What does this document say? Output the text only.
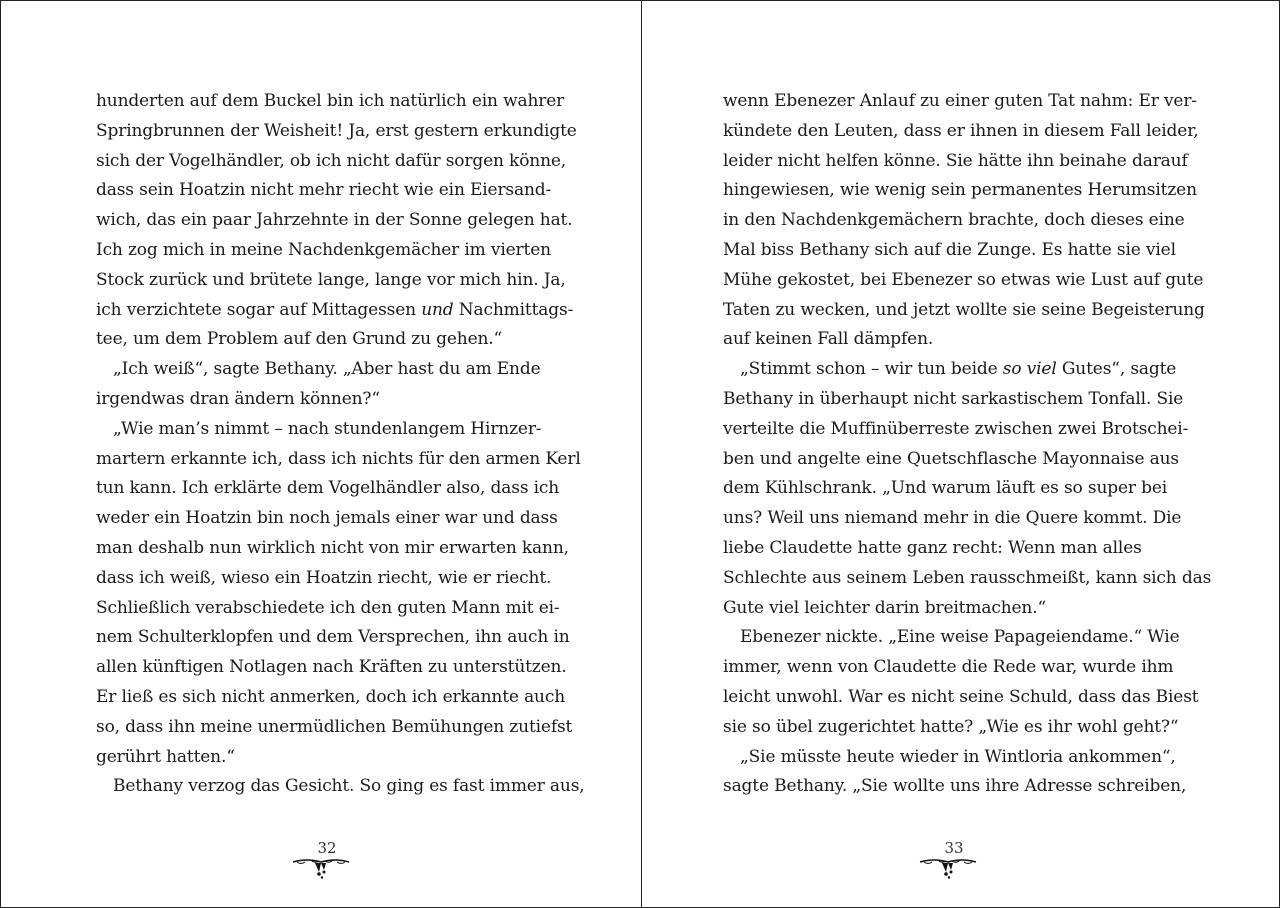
hunderten auf dem Buckel bin ich natürlich ein wahrer
Springbrunnen der Weisheit! Ja, erst gestern erkundigte
sich der Vogelhändler, ob ich nicht dafür sorgen könne,
dass sein Hoatzin nicht mehr riecht wie ein Eiersand-
wich, das ein paar Jahrzehnte in der Sonne gelegen hat.
Ich zog mich in meine Nachdenkgemächer im vierten
Stock zurück und brütete lange, lange vor mich hin. Ja,
ich verzichtete sogar auf Mittagessen und Nachmittags-
tee, um dem Problem auf den Grund zu gehen.“
„Ich weiß“, sagte Bethany. „Aber hast du am Ende
irgendwas dran ändern können?“
„Wie man’s nimmt – nach stundenlangem Hirnzer-
martern erkannte ich, dass ich nichts für den armen Kerl
tun kann. Ich erklärte dem Vogelhändler also, dass ich
weder ein Hoatzin bin noch jemals einer war und dass
man deshalb nun wirklich nicht von mir erwarten kann,
dass ich weiß, wieso ein Hoatzin riecht, wie er riecht.
Schließlich verabschiedete ich den guten Mann mit ei-
nem Schulterklopfen und dem Versprechen, ihn auch in
allen künftigen Notlagen nach Kräften zu unterstützen.
Er ließ es sich nicht anmerken, doch ich erkannte auch
so, dass ihn meine unermüdlichen Bemühungen zutiefst
gerührt hatten.“
Bethany verzog das Gesicht. So ging es fast immer aus,
32
wenn Ebenezer Anlauf zu einer guten Tat nahm: Er ver-
kündete den Leuten, dass er ihnen in diesem Fall leider,
leider nicht helfen könne. Sie hätte ihn beinahe darauf
hingewiesen, wie wenig sein permanentes Herumsitzen
in den Nachdenkgemächern brachte, doch dieses eine
Mal biss Bethany sich auf die Zunge. Es hatte sie viel
Mühe gekostet, bei Ebenezer so etwas wie Lust auf gute
Taten zu wecken, und jetzt wollte sie seine Begeisterung
auf keinen Fall dämpfen.
„Stimmt schon – wir tun beide so viel Gutes“, sagte
Bethany in überhaupt nicht sarkastischem Tonfall. Sie
verteilte die Muffinüberreste zwischen zwei Brotschei-
ben und angelte eine Quetschflasche Mayonnaise aus
dem Kühlschrank. „Und warum läuft es so super bei
uns? Weil uns niemand mehr in die Quere kommt. Die
liebe Claudette hatte ganz recht: Wenn man alles
Schlechte aus seinem Leben rausschmeißt, kann sich das
Gute viel leichter darin breitmachen.“
Ebenezer nickte. „Eine weise Papageiendame.“ Wie
immer, wenn von Claudette die Rede war, wurde ihm
leicht unwohl. War es nicht seine Schuld, dass das Biest
sie so übel zugerichtet hatte? „Wie es ihr wohl geht?“
„Sie müsste heute wieder in Wintloria ankommen“,
sagte Bethany. „Sie wollte uns ihre Adresse schreiben,
33
